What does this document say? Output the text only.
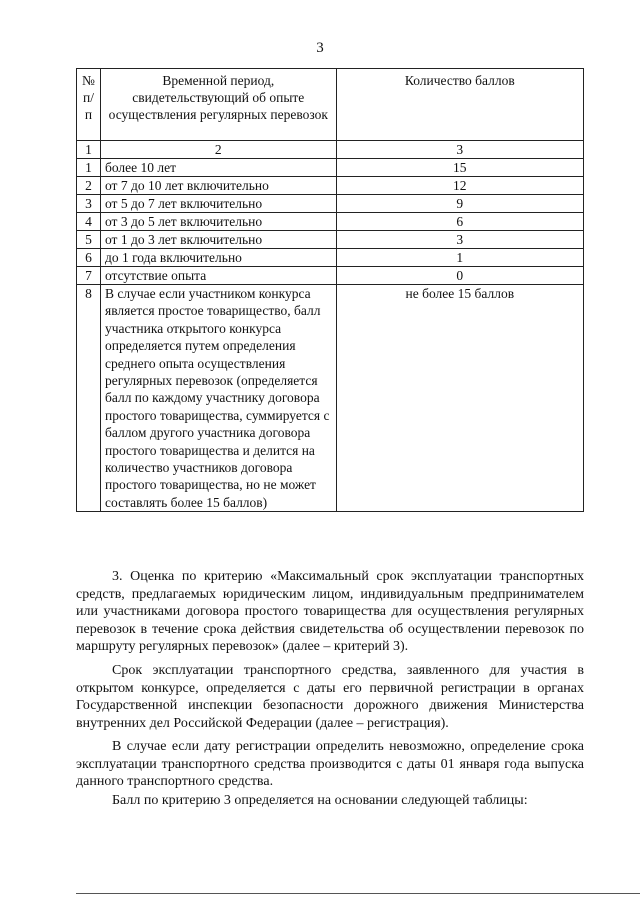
3
№ п/п	Временной период, свидетельствующий об опыте осуществления регулярных перевозок	Количество баллов
1	2	3
1	более 10 лет	15
2	от 7 до 10 лет включительно	12
3	от 5 до 7 лет включительно	9
4	от 3 до 5 лет включительно	6
5	от 1 до 3 лет включительно	3
6	до 1 года включительно	1
7	отсутствие опыта	0
8	В случае если участником конкурса является простое товарищество, балл участника открытого конкурса определяется путем определения среднего опыта осуществления регулярных перевозок (определяется балл по каждому участнику договора простого товарищества, суммируется с баллом другого участника договора простого товарищества и делится на количество участников договора простого товарищества, но не может составлять более 15 баллов)	не более 15 баллов

3. Оценка по критерию «Максимальный срок эксплуатации транспортных средств, предлагаемых юридическим лицом, индивидуальным предпринимателем или участниками договора простого товарищества для осуществления регулярных перевозок в течение срока действия свидетельства об осуществлении перевозок по маршруту регулярных перевозок» (далее – критерий 3).

Срок эксплуатации транспортного средства, заявленного для участия в открытом конкурсе, определяется с даты его первичной регистрации в органах Государственной инспекции безопасности дорожного движения Министерства внутренних дел Российской Федерации (далее – регистрация).

В случае если дату регистрации определить невозможно, определение срока эксплуатации транспортного средства производится с даты 01 января года выпуска данного транспортного средства.

Балл по критерию 3 определяется на основании следующей таблицы:
